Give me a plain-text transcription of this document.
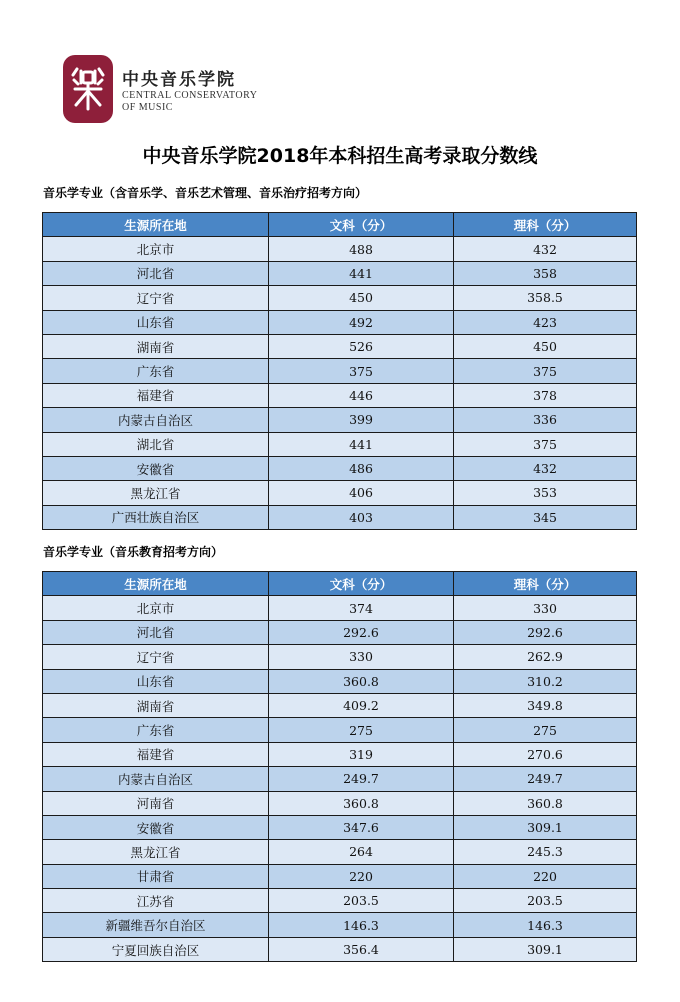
中央音乐学院
CENTRAL CONSERVATORY
OF MUSIC
中央音乐学院2018年本科招生高考录取分数线
音乐学专业（含音乐学、音乐艺术管理、音乐治疗招考方向）
生源所在地	文科（分）	理科（分）
北京市	488	432
河北省	441	358
辽宁省	450	358.5
山东省	492	423
湖南省	526	450
广东省	375	375
福建省	446	378
内蒙古自治区	399	336
湖北省	441	375
安徽省	486	432
黑龙江省	406	353
广西壮族自治区	403	345
音乐学专业（音乐教育招考方向）
生源所在地	文科（分）	理科（分）
北京市	374	330
河北省	292.6	292.6
辽宁省	330	262.9
山东省	360.8	310.2
湖南省	409.2	349.8
广东省	275	275
福建省	319	270.6
内蒙古自治区	249.7	249.7
河南省	360.8	360.8
安徽省	347.6	309.1
黑龙江省	264	245.3
甘肃省	220	220
江苏省	203.5	203.5
新疆维吾尔自治区	146.3	146.3
宁夏回族自治区	356.4	309.1
